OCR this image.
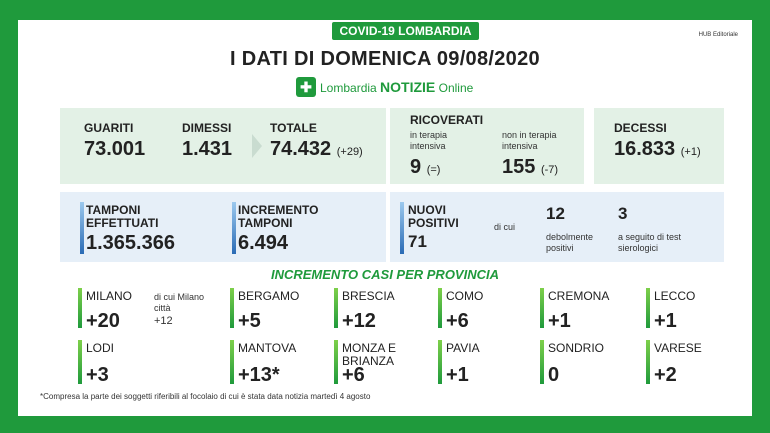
COVID-19 LOMBARDIA	HUB Editoriale
I DATI DI DOMENICA 09/08/2020
✚ Lombardia NOTIZIE Online
GUARITI
73.001
DIMESSI
1.431
TOTALE
74.432 (+29)
RICOVERATI
in terapia intensiva
9 (=)
non in terapia intensiva
155 (-7)
DECESSI
16.833 (+1)
TAMPONI EFFETTUATI
1.365.366
INCREMENTO TAMPONI
6.494
NUOVI POSITIVI
71
di cui
12
debolmente positivi
3
a seguito di test sierologici
INCREMENTO CASI PER PROVINCIA
MILANO
+20
di cui Milano città
+12
BERGAMO
+5
BRESCIA
+12
COMO
+6
CREMONA
+1
LECCO
+1
LODI
+3
MANTOVA
+13*
MONZA E BRIANZA
+6
PAVIA
+1
SONDRIO
0
VARESE
+2
*Compresa la parte dei soggetti riferibili al focolaio di cui è stata data notizia martedì 4 agosto
